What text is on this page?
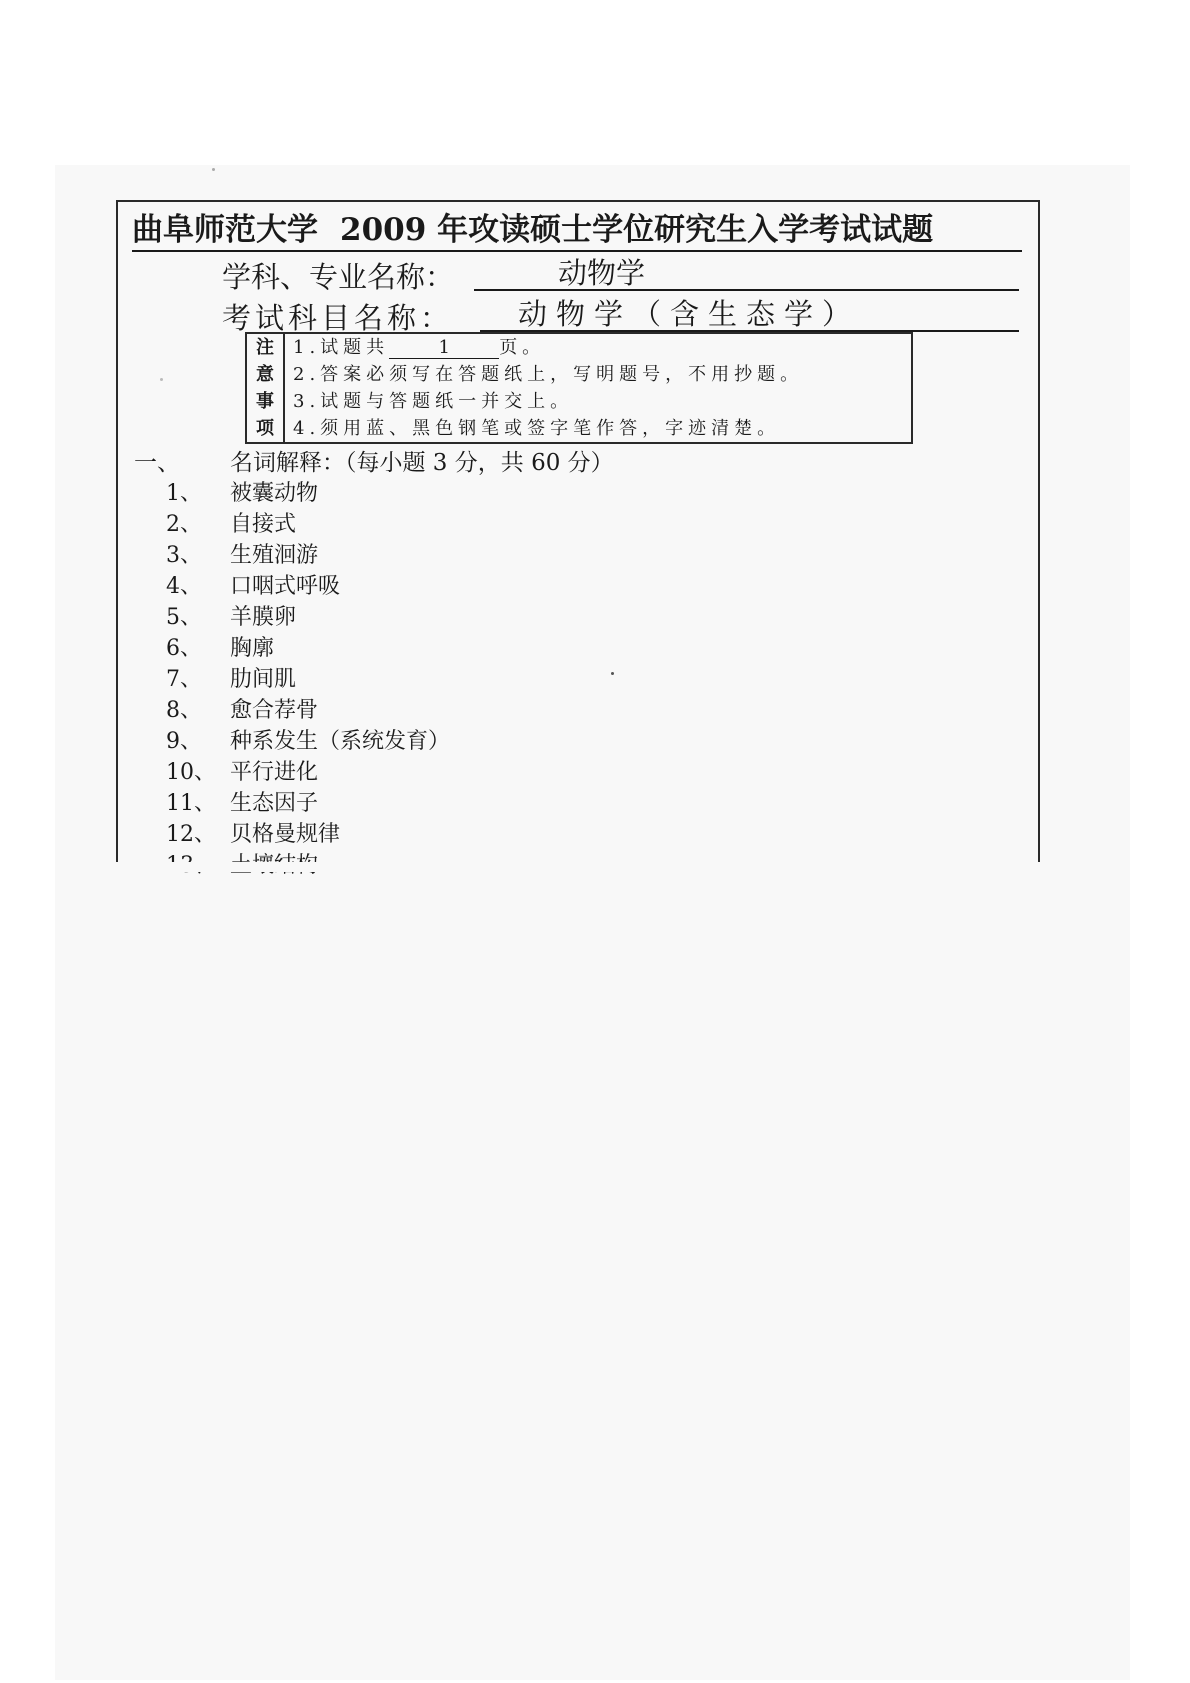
曲阜师范大学 2009 年攻读硕士学位研究生入学考试试题
学科、专业名称：	动物学
考试科目名称：	动物学（含生态学）
注
意
事
项
1.试题共	1	页。
2.答案必须写在答题纸上，写明题号，不用抄题。
3.试题与答题纸一并交上。
4.须用蓝、黑色钢笔或签字笔作答，字迹清楚。
一、 名词解释：（每小题 3 分，共 60 分）
1、 被囊动物
2、 自接式
3、 生殖洄游
4、 口咽式呼吸
5、 羊膜卵
6、 胸廓
7、 肋间肌
8、 愈合荐骨
9、 种系发生（系统发育）
10、 平行进化
11、 生态因子
12、 贝格曼规律
